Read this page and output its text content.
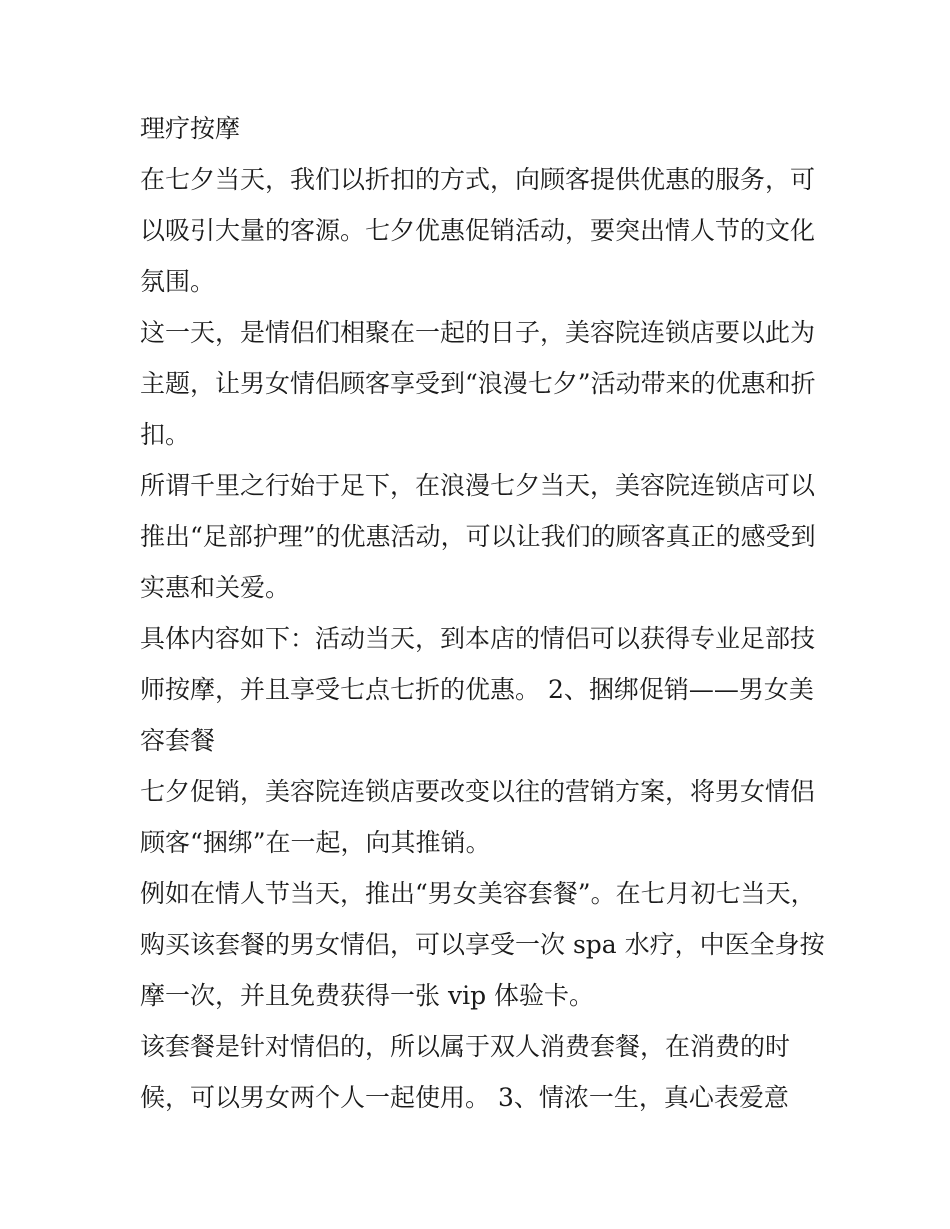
理疗按摩
在七夕当天，我们以折扣的方式，向顾客提供优惠的服务，可
以吸引大量的客源。七夕优惠促销活动，要突出情人节的文化
氛围。
这一天，是情侣们相聚在一起的日子，美容院连锁店要以此为
主题，让男女情侣顾客享受到“浪漫七夕”活动带来的优惠和折
扣。
所谓千里之行始于足下，在浪漫七夕当天，美容院连锁店可以
推出“足部护理”的优惠活动，可以让我们的顾客真正的感受到
实惠和关爱。
具体内容如下：活动当天，到本店的情侣可以获得专业足部技
师按摩，并且享受七点七折的优惠。 2、捆绑促销——男女美
容套餐
七夕促销，美容院连锁店要改变以往的营销方案，将男女情侣
顾客“捆绑”在一起，向其推销。
例如在情人节当天，推出“男女美容套餐”。在七月初七当天，
购买该套餐的男女情侣，可以享受一次 spa 水疗，中医全身按
摩一次，并且免费获得一张 vip 体验卡。
该套餐是针对情侣的，所以属于双人消费套餐，在消费的时
候，可以男女两个人一起使用。 3、情浓一生，真心表爱意
